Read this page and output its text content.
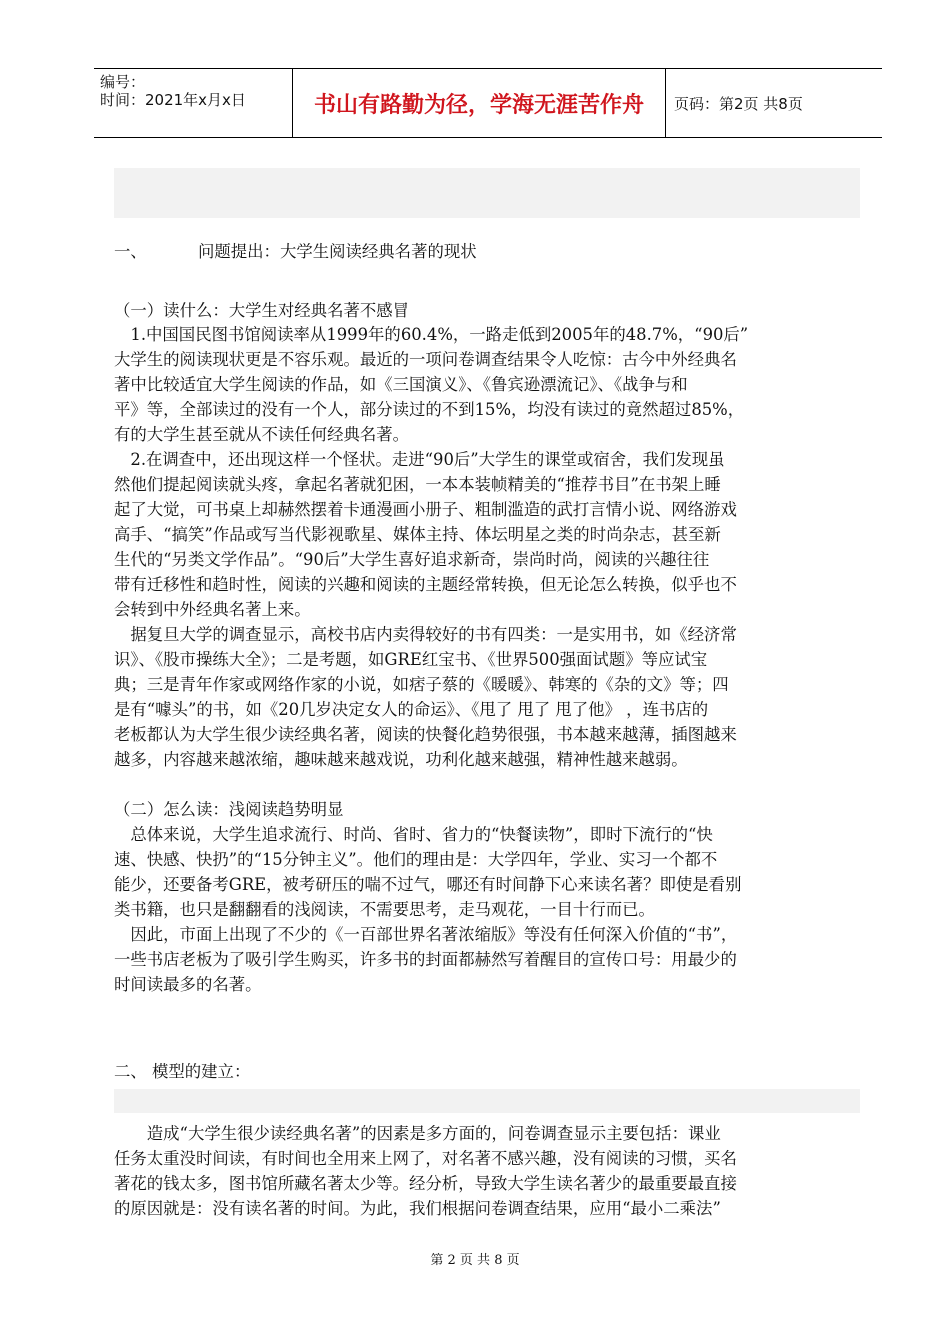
编号：
时间：2021年x月x日	书山有路勤为径，学海无涯苦作舟	页码：第2页 共8页
一、	问题提出：大学生阅读经典名著的现状
（一）读什么：大学生对经典名著不感冒
　1.中国国民图书馆阅读率从1999年的60.4%，一路走低到2005年的48.7%，“90后”
大学生的阅读现状更是不容乐观。最近的一项问卷调查结果令人吃惊：古今中外经典名
著中比较适宜大学生阅读的作品，如《三国演义》、《鲁宾逊漂流记》、《战争与和
平》等，全部读过的没有一个人，部分读过的不到15%，均没有读过的竟然超过85%，
有的大学生甚至就从不读任何经典名著。
　2.在调查中，还出现这样一个怪状。走进“90后”大学生的课堂或宿舍，我们发现虽
然他们提起阅读就头疼，拿起名著就犯困，一本本装帧精美的“推荐书目”在书架上睡
起了大觉，可书桌上却赫然摆着卡通漫画小册子、粗制滥造的武打言情小说、网络游戏
高手、“搞笑”作品或写当代影视歌星、媒体主持、体坛明星之类的时尚杂志，甚至新
生代的“另类文学作品”。“90后”大学生喜好追求新奇，崇尚时尚，阅读的兴趣往往
带有迁移性和趋时性，阅读的兴趣和阅读的主题经常转换，但无论怎么转换，似乎也不
会转到中外经典名著上来。
　据复旦大学的调查显示，高校书店内卖得较好的书有四类：一是实用书，如《经济常
识》、《股市操练大全》；二是考题，如GRE红宝书、《世界500强面试题》等应试宝
典；三是青年作家或网络作家的小说，如痞子蔡的《暖暖》、韩寒的《杂的文》等；四
是有“噱头”的书，如《20几岁决定女人的命运》、《甩了 甩了 甩了他》 ，连书店的
老板都认为大学生很少读经典名著，阅读的快餐化趋势很强，书本越来越薄，插图越来
越多，内容越来越浓缩，趣味越来越戏说，功利化越来越强，精神性越来越弱。
（二）怎么读：浅阅读趋势明显
　总体来说，大学生追求流行、时尚、省时、省力的“快餐读物”，即时下流行的“快
速、快感、快扔”的“15分钟主义”。他们的理由是：大学四年，学业、实习一个都不
能少，还要备考GRE，被考研压的喘不过气，哪还有时间静下心来读名著？即使是看别
类书籍，也只是翻翻看的浅阅读，不需要思考，走马观花，一目十行而已。
　因此，市面上出现了不少的《一百部世界名著浓缩版》等没有任何深入价值的“书”，
一些书店老板为了吸引学生购买，许多书的封面都赫然写着醒目的宣传口号：用最少的
时间读最多的名著。
二、 模型的建立：
　　造成“大学生很少读经典名著”的因素是多方面的，问卷调查显示主要包括：课业
任务太重没时间读，有时间也全用来上网了，对名著不感兴趣，没有阅读的习惯，买名
著花的钱太多，图书馆所藏名著太少等。经分析，导致大学生读名著少的最重要最直接
的原因就是：没有读名著的时间。为此，我们根据问卷调查结果，应用“最小二乘法”
第 2 页 共 8 页
